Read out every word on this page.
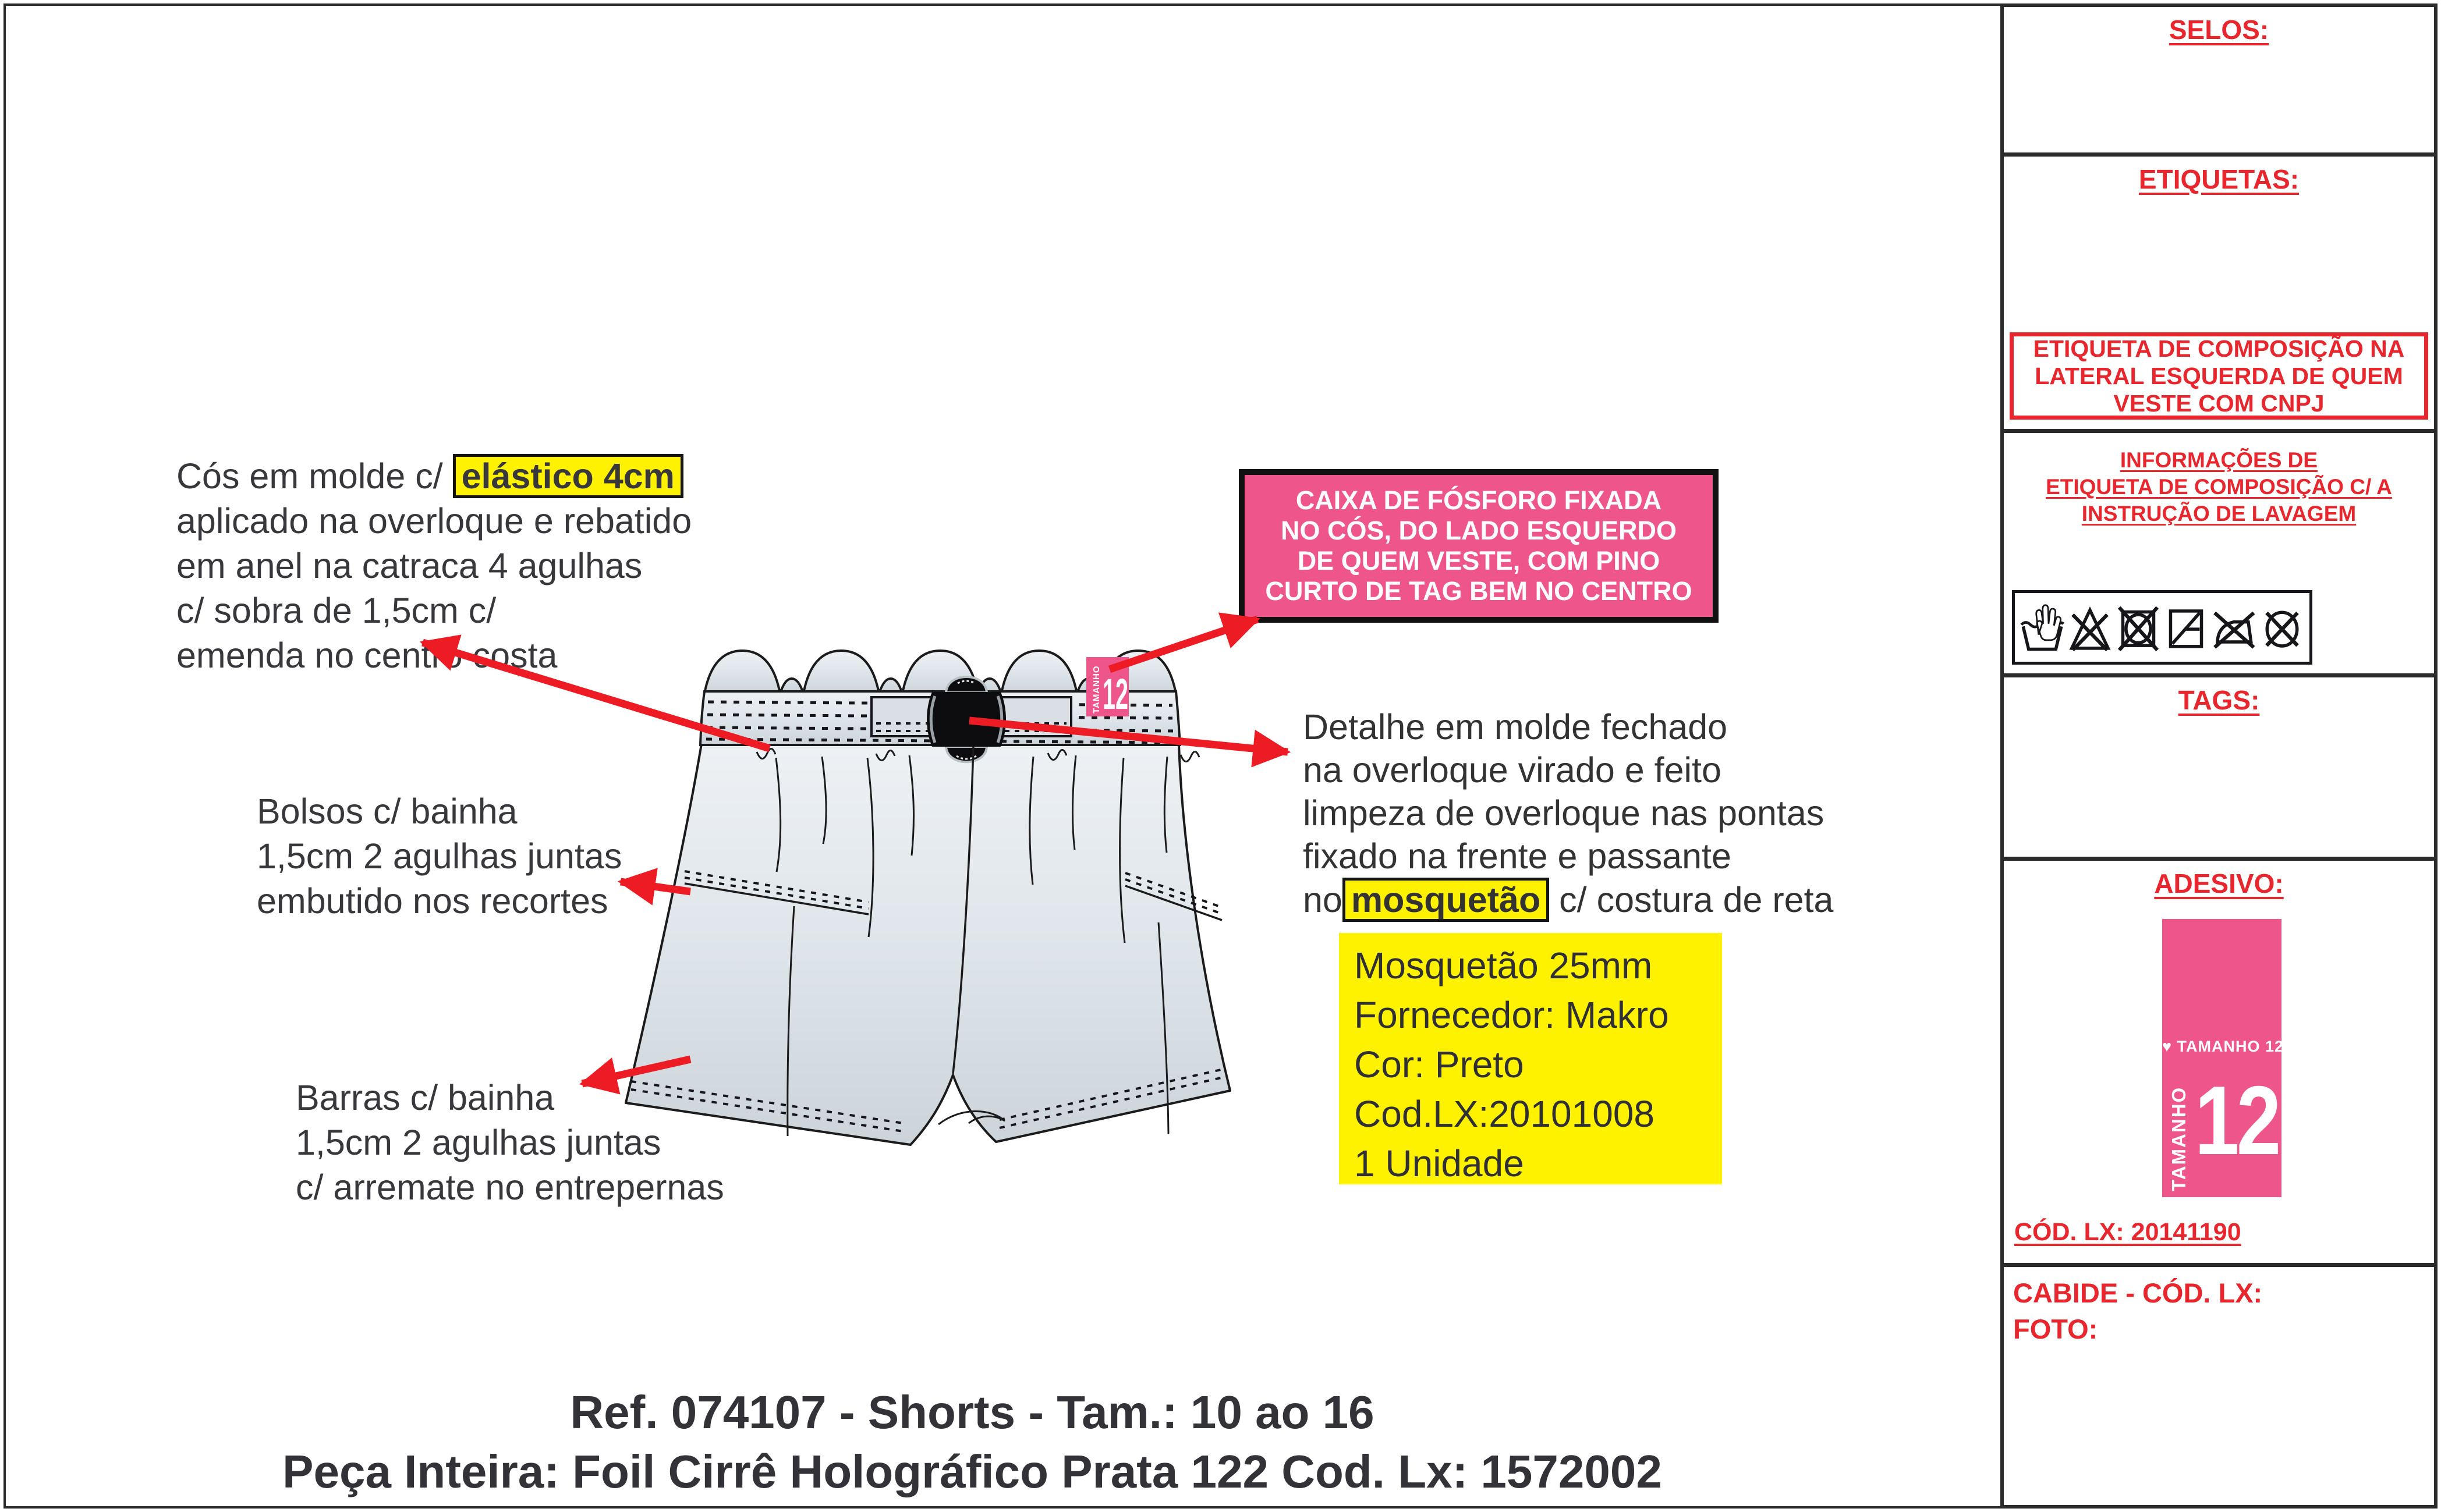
TAMANHO 12
Cós em molde c/ elástico 4cm
aplicado na overloque e rebatido
em anel na catraca 4 agulhas
c/ sobra de 1,5cm c/
emenda no centro costa
Bolsos c/ bainha
1,5cm 2 agulhas juntas
embutido nos recortes
Barras c/ bainha
1,5cm 2 agulhas juntas
c/ arremate no entrepernas
CAIXA DE FÓSFORO FIXADA
NO CÓS, DO LADO ESQUERDO
DE QUEM VESTE, COM PINO
CURTO DE TAG BEM NO CENTRO
Detalhe em molde fechado
na overloque virado e feito
limpeza de overloque nas pontas
fixado na frente e passante
no mosquetão c/ costura de reta
Mosquetão 25mm
Fornecedor: Makro
Cor: Preto
Cod.LX:20101008
1 Unidade
Ref. 074107 - Shorts - Tam.: 10 ao 16
Peça Inteira: Foil Cirrê Holográfico Prata 122 Cod. Lx: 1572002
SELOS:
ETIQUETAS:
ETIQUETA DE COMPOSIÇÃO NA
LATERAL ESQUERDA DE QUEM
VESTE COM CNPJ
INFORMAÇÕES DE
ETIQUETA DE COMPOSIÇÃO C/ A
INSTRUÇÃO DE LAVAGEM
TAGS:
ADESIVO:
♥ TAMANHO 12 ♥
TAMANHO 12
CÓD. LX: 20141190
CABIDE - CÓD. LX:
FOTO:
